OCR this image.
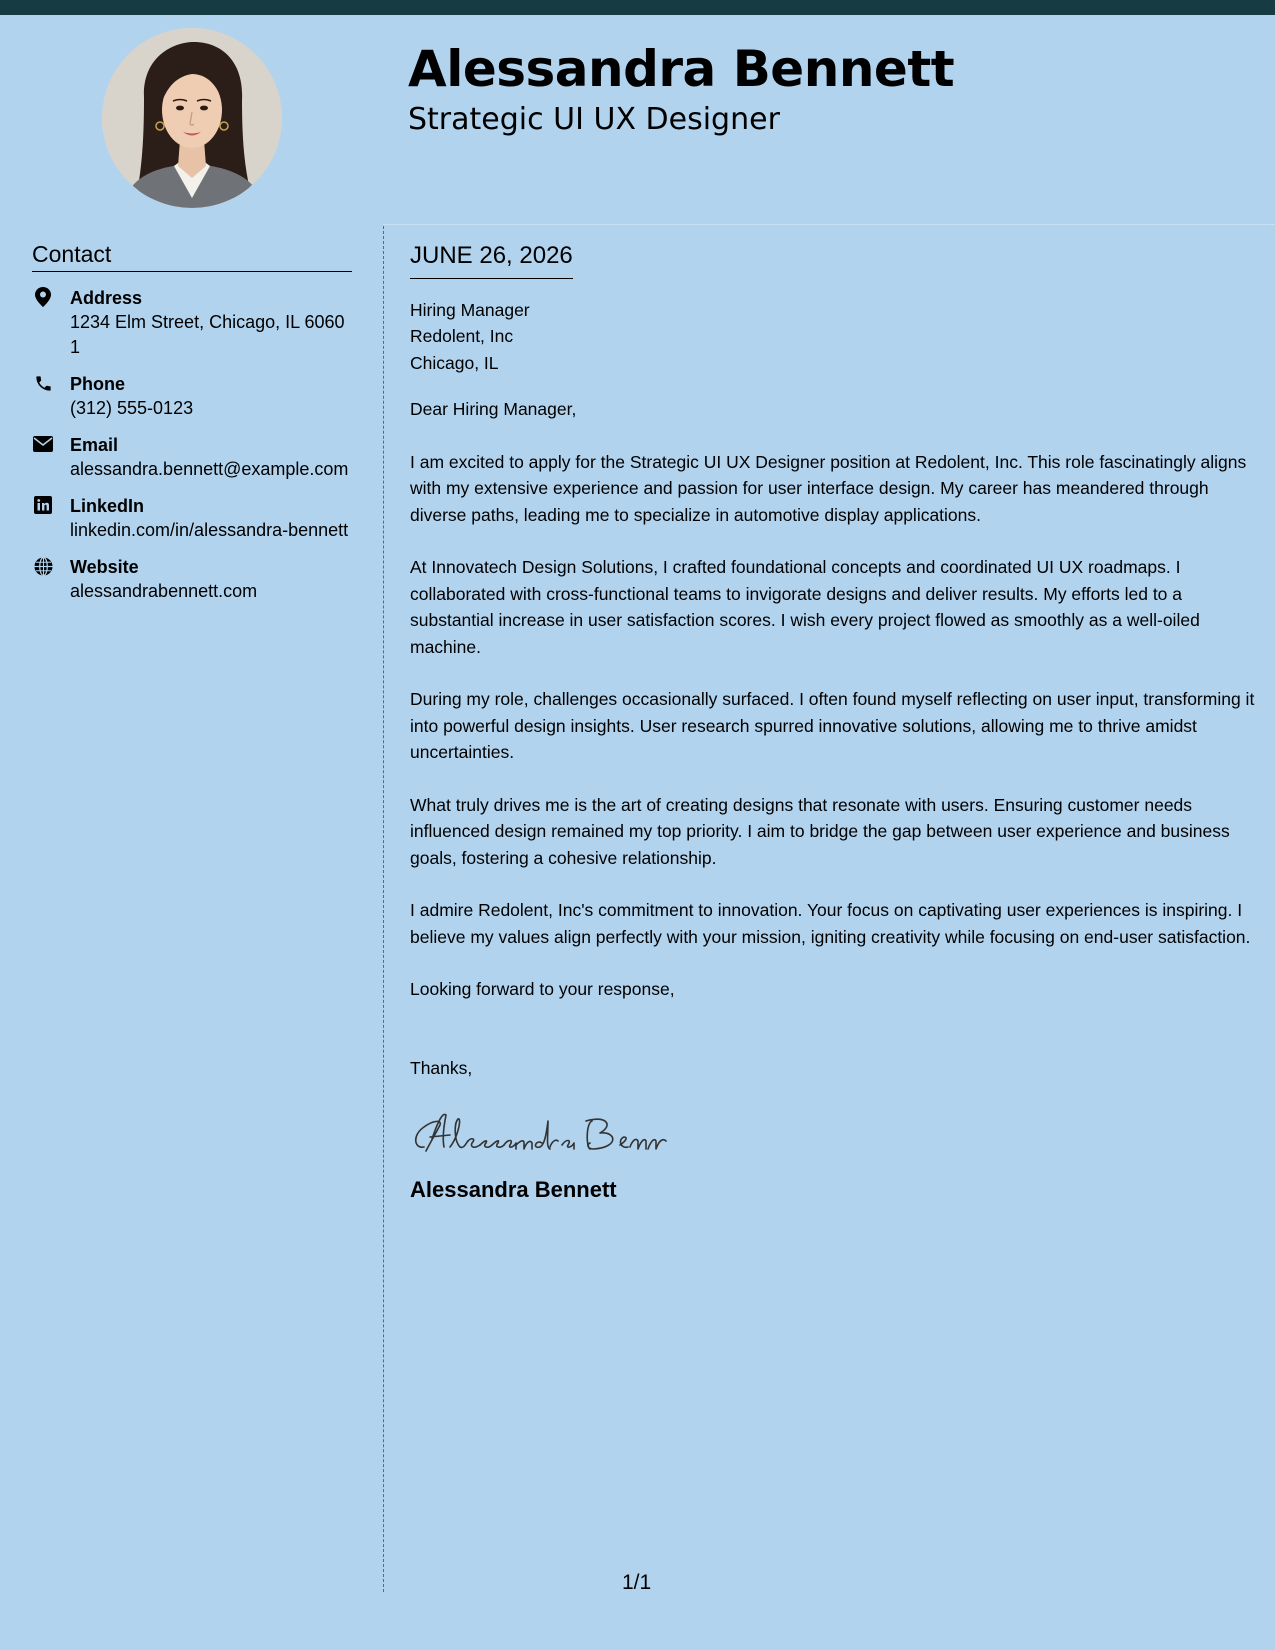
Alessandra Bennett
Strategic UI UX Designer
Contact
Address
1234 Elm Street, Chicago, IL 60601
Phone
(312) 555-0123
Email
alessandra.bennett@example.com
LinkedIn
linkedin.com/in/alessandra-bennett
Website
alessandrabennett.com
JUNE 26, 2026
Hiring Manager
Redolent, Inc
Chicago, IL

Dear Hiring Manager,

I am excited to apply for the Strategic UI UX Designer position at Redolent, Inc. This role fascinatingly aligns with my extensive experience and passion for user interface design. My career has meandered through diverse paths, leading me to specialize in automotive display applications.

At Innovatech Design Solutions, I crafted foundational concepts and coordinated UI UX roadmaps. I collaborated with cross-functional teams to invigorate designs and deliver results. My efforts led to a substantial increase in user satisfaction scores. I wish every project flowed as smoothly as a well-oiled machine.

During my role, challenges occasionally surfaced. I often found myself reflecting on user input, transforming it into powerful design insights. User research spurred innovative solutions, allowing me to thrive amidst uncertainties.

What truly drives me is the art of creating designs that resonate with users. Ensuring customer needs influenced design remained my top priority. I aim to bridge the gap between user experience and business goals, fostering a cohesive relationship.

I admire Redolent, Inc's commitment to innovation. Your focus on captivating user experiences is inspiring. I believe my values align perfectly with your mission, igniting creativity while focusing on end-user satisfaction.

Looking forward to your response,

Thanks,

Alessandra Bennett
1/1
